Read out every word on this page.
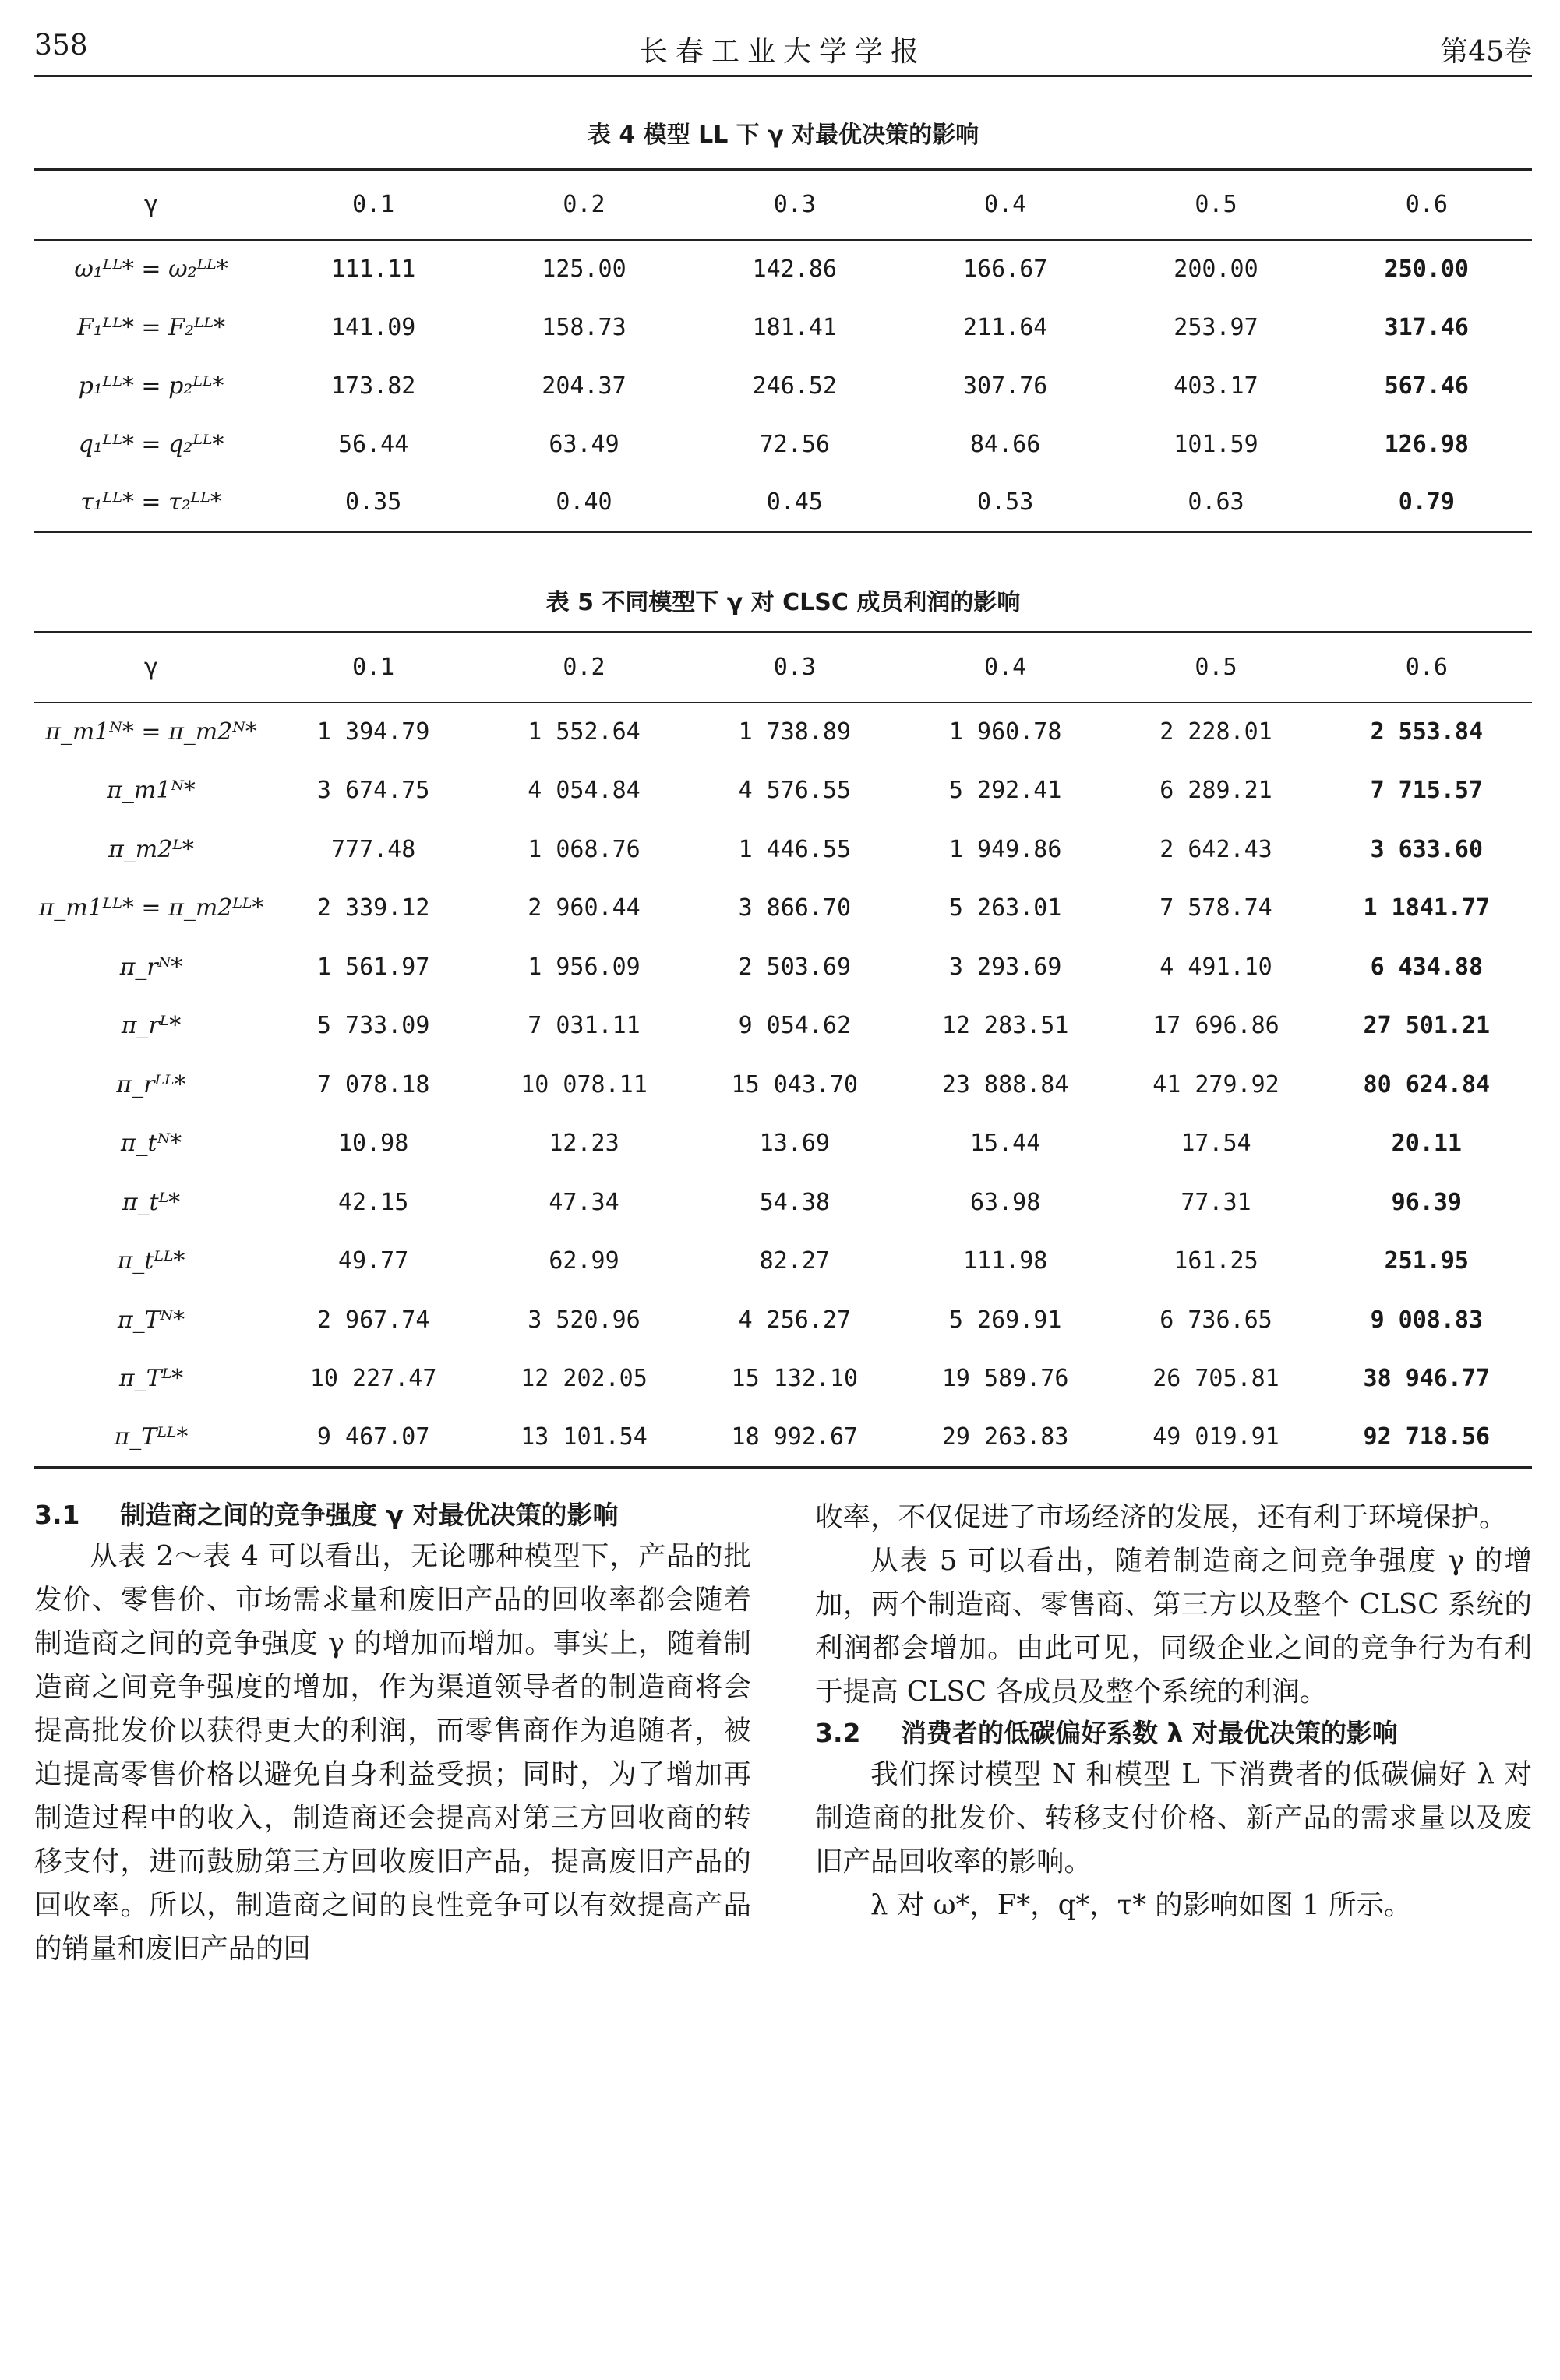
358	长春工业大学学报	第45卷
表 4 模型 LL 下 γ 对最优决策的影响
γ	0.1	0.2	0.3	0.4	0.5	0.6
ω₁ᴸᴸ* = ω₂ᴸᴸ*	111.11	125.00	142.86	166.67	200.00	250.00
F₁ᴸᴸ* = F₂ᴸᴸ*	141.09	158.73	181.41	211.64	253.97	317.46
p₁ᴸᴸ* = p₂ᴸᴸ*	173.82	204.37	246.52	307.76	403.17	567.46
q₁ᴸᴸ* = q₂ᴸᴸ*	56.44	63.49	72.56	84.66	101.59	126.98
τ₁ᴸᴸ* = τ₂ᴸᴸ*	0.35	0.40	0.45	0.53	0.63	0.79
表 5 不同模型下 γ 对 CLSC 成员利润的影响
γ	0.1	0.2	0.3	0.4	0.5	0.6
π_m1ᴺ* = π_m2ᴺ*	1 394.79	1 552.64	1 738.89	1 960.78	2 228.01	2 553.84
π_m1ᴺ*	3 674.75	4 054.84	4 576.55	5 292.41	6 289.21	7 715.57
π_m2ᴸ*	777.48	1 068.76	1 446.55	1 949.86	2 642.43	3 633.60
π_m1ᴸᴸ* = π_m2ᴸᴸ*	2 339.12	2 960.44	3 866.70	5 263.01	7 578.74	1 1841.77
π_rᴺ*	1 561.97	1 956.09	2 503.69	3 293.69	4 491.10	6 434.88
π_rᴸ*	5 733.09	7 031.11	9 054.62	12 283.51	17 696.86	27 501.21
π_rᴸᴸ*	7 078.18	10 078.11	15 043.70	23 888.84	41 279.92	80 624.84
π_tᴺ*	10.98	12.23	13.69	15.44	17.54	20.11
π_tᴸ*	42.15	47.34	54.38	63.98	77.31	96.39
π_tᴸᴸ*	49.77	62.99	82.27	111.98	161.25	251.95
π_Tᴺ*	2 967.74	3 520.96	4 256.27	5 269.91	6 736.65	9 008.83
π_Tᴸ*	10 227.47	12 202.05	15 132.10	19 589.76	26 705.81	38 946.77
π_Tᴸᴸ*	9 467.07	13 101.54	18 992.67	29 263.83	49 019.91	92 718.56
3.1	制造商之间的竞争强度 γ 对最优决策的影响

从表 2～表 4 可以看出，无论哪种模型下，产品的批发价、零售价、市场需求量和废旧产品的回收率都会随着制造商之间的竞争强度 γ 的增加而增加。事实上，随着制造商之间竞争强度的增加，作为渠道领导者的制造商将会提高批发价以获得更大的利润，而零售商作为追随者，被迫提高零售价格以避免自身利益受损；同时，为了增加再制造过程中的收入，制造商还会提高对第三方回收商的转移支付，进而鼓励第三方回收废旧产品，提高废旧产品的回收率。所以，制造商之间的良性竞争可以有效提高产品的销量和废旧产品的回

收率，不仅促进了市场经济的发展，还有利于环境保护。

从表 5 可以看出，随着制造商之间竞争强度 γ 的增加，两个制造商、零售商、第三方以及整个 CLSC 系统的利润都会增加。由此可见，同级企业之间的竞争行为有利于提高 CLSC 各成员及整个系统的利润。

3.2	消费者的低碳偏好系数 λ 对最优决策的影响

我们探讨模型 N 和模型 L 下消费者的低碳偏好 λ 对制造商的批发价、转移支付价格、新产品的需求量以及废旧产品回收率的影响。

λ 对 ω*，F*，q*，τ* 的影响如图 1 所示。
